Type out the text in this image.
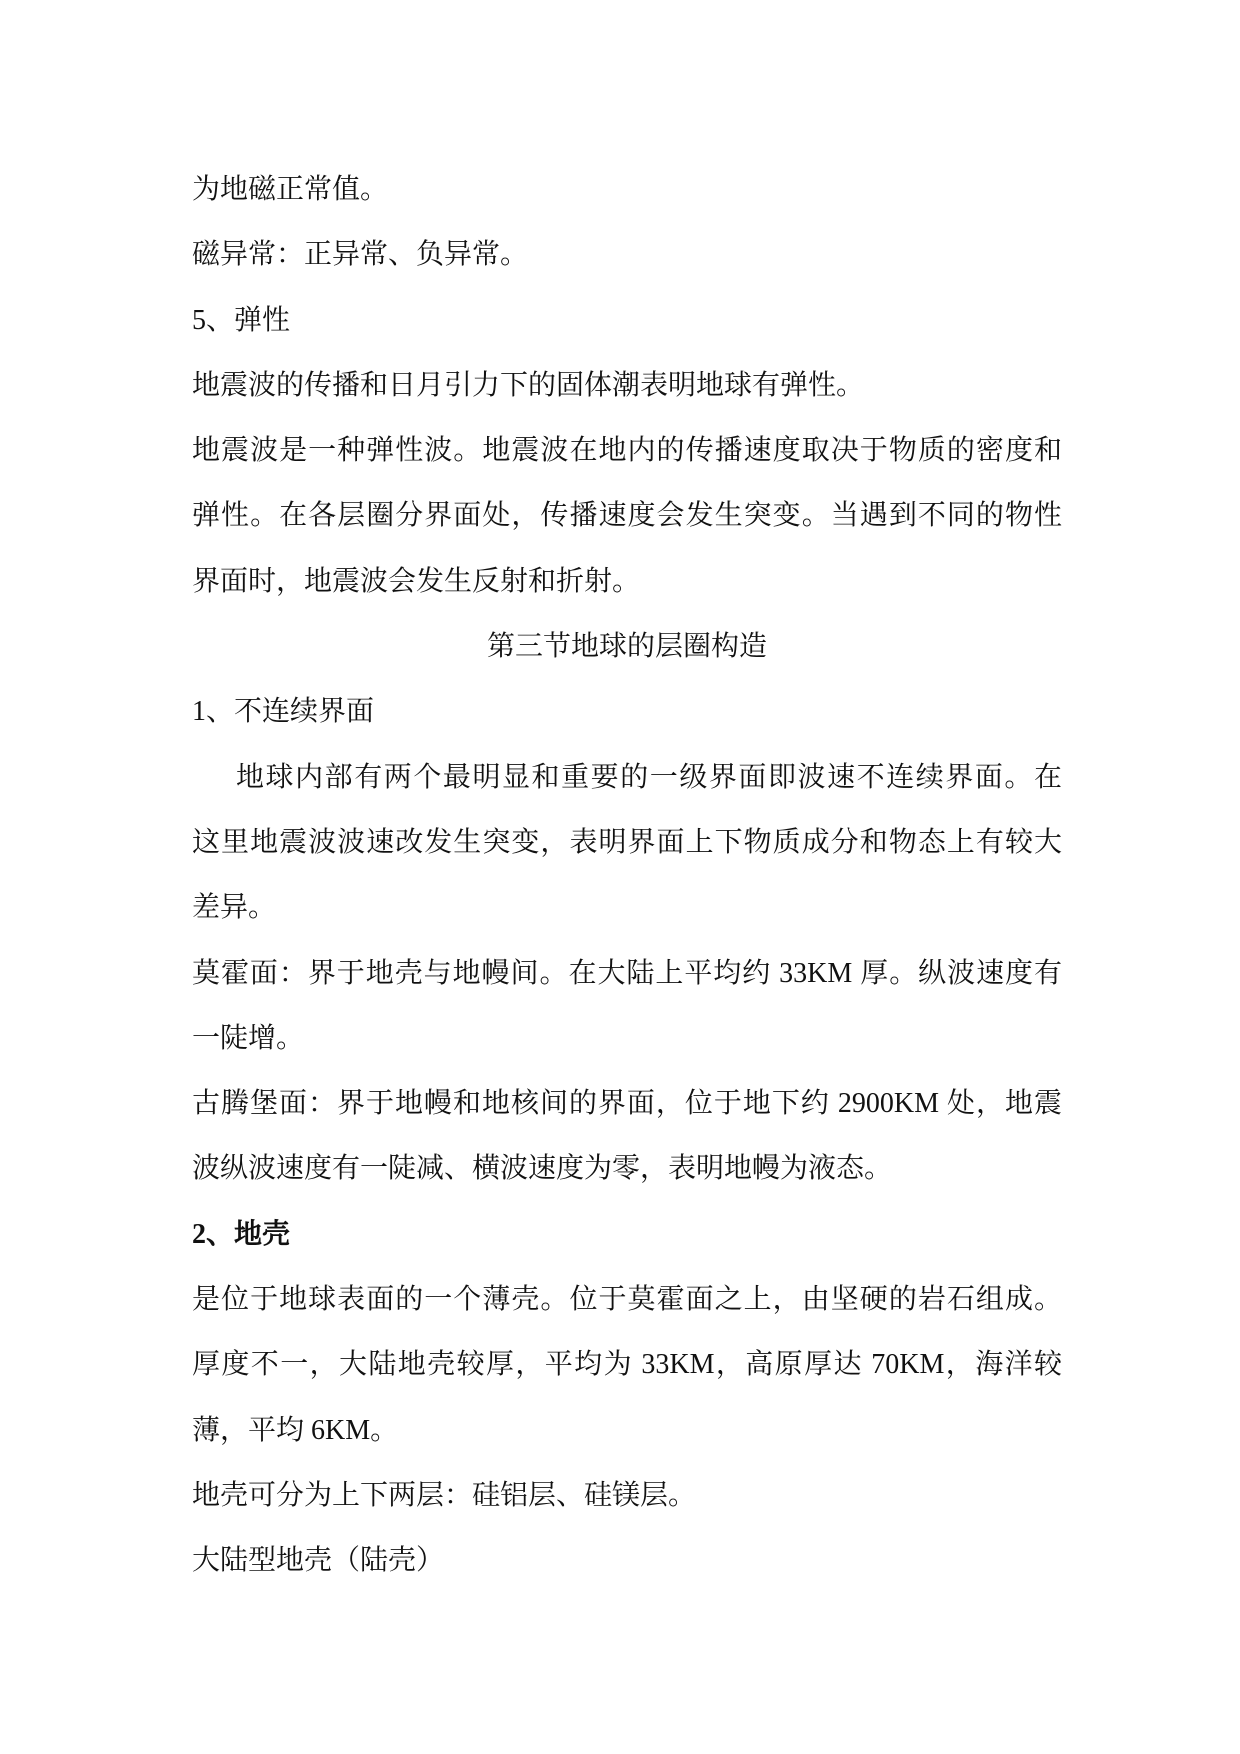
为地磁正常值。
磁异常：正异常、负异常。
5、弹性
地震波的传播和日月引力下的固体潮表明地球有弹性。
地震波是一种弹性波。地震波在地内的传播速度取决于物质的密度和
弹性。在各层圈分界面处，传播速度会发生突变。当遇到不同的物性
界面时，地震波会发生反射和折射。
第三节地球的层圈构造
1、不连续界面
地球内部有两个最明显和重要的一级界面即波速不连续界面。在
这里地震波波速改发生突变，表明界面上下物质成分和物态上有较大
差异。
莫霍面：界于地壳与地幔间。在大陆上平均约 33KM 厚。纵波速度有
一陡增。
古腾堡面：界于地幔和地核间的界面，位于地下约 2900KM 处，地震
波纵波速度有一陡减、横波速度为零，表明地幔为液态。
2、地壳
是位于地球表面的一个薄壳。位于莫霍面之上，由坚硬的岩石组成。
厚度不一，大陆地壳较厚，平均为 33KM，高原厚达 70KM，海洋较
薄，平均 6KM。
地壳可分为上下两层：硅铝层、硅镁层。
大陆型地壳（陆壳）
